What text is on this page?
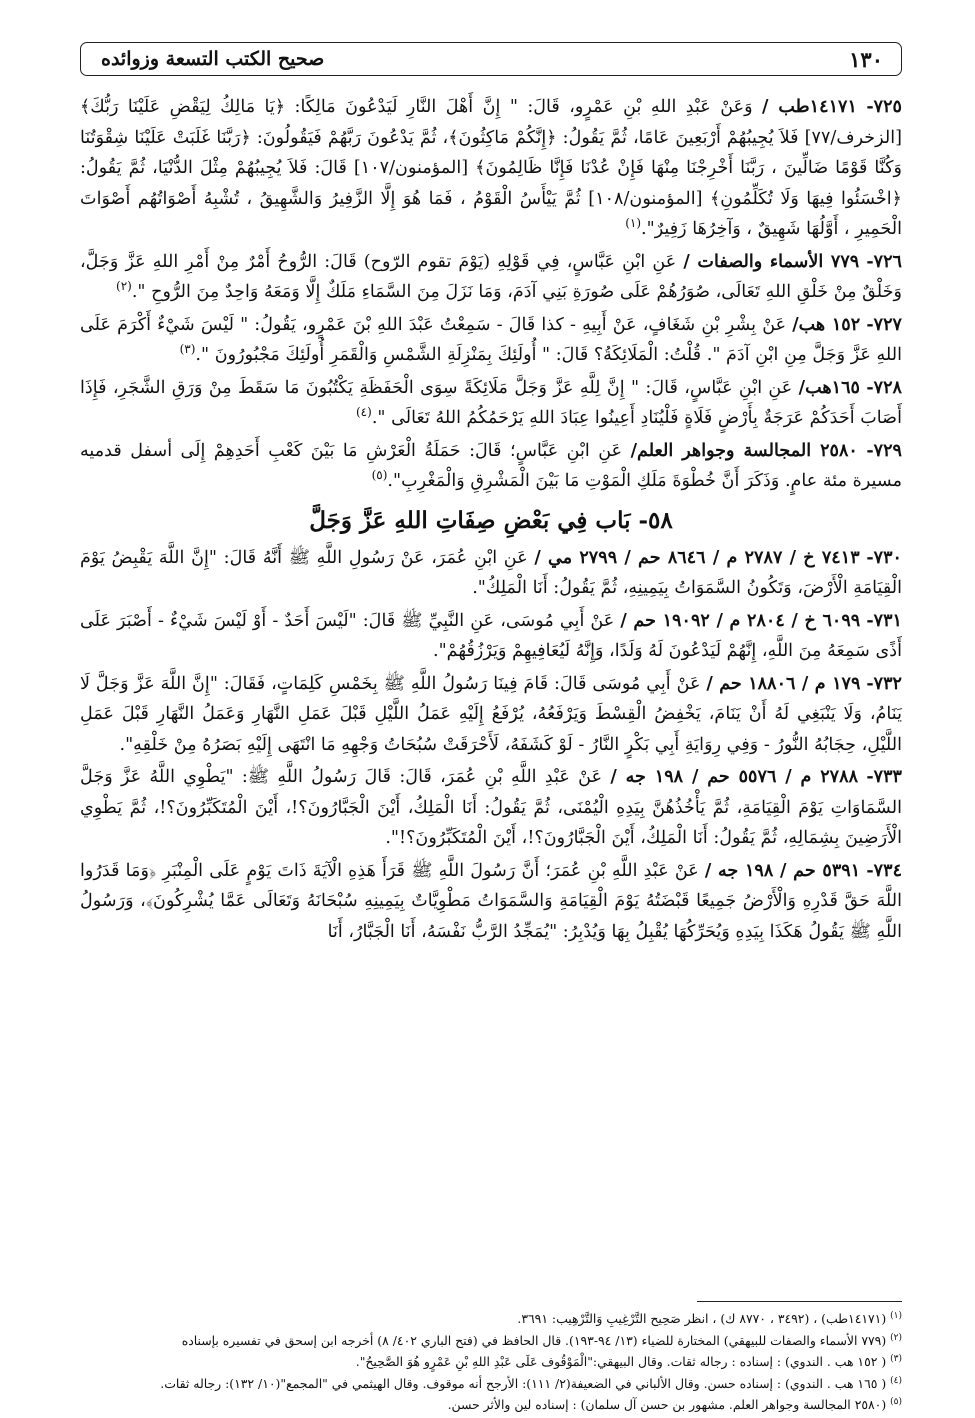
١٣٠
صحيح الكتب التسعة وزوائده

٧٢٥- ١٤١٧١طب / وَعَنْ عَبْدِ اللهِ بْنِ عَمْرٍو، قَالَ: " إِنَّ أَهْلَ النَّارِ لَيَدْعُونَ مَالِكًا: ﴿يَا مَالِكُ لِيَقْضِ عَلَيْنَا رَبُّكَ﴾ [الزخرف/٧٧] فَلاَ يُجِيبُهُمْ أَرْبَعِينَ عَامًا، ثُمَّ يَقُولُ: ﴿إِنَّكُمْ مَاكِثُونَ﴾، ثُمَّ يَدْعُونَ رَبَّهُمْ فَيَقُولُونَ: ﴿رَبَّنَا غَلَبَتْ عَلَيْنَا شِقْوَتُنَا وَكُنَّا قَوْمًا ضَالِّينَ ، رَبَّنَا أَخْرِجْنَا مِنْهَا فَإِنْ عُدْنَا فَإِنَّا ظَالِمُونَ﴾ [المؤمنون/١٠٧] قَالَ: فَلاَ يُجِيبُهُمْ مِثْلَ الدُّنْيَا، ثُمَّ يَقُولُ: ﴿اخْسَئُوا فِيهَا وَلَا تُكَلِّمُونِ﴾ [المؤمنون/١٠٨] ثُمَّ يَيْأَسُ الْقَوْمُ ، فَمَا هُوَ إِلَّا الزَّفِيرُ وَالشَّهِيقُ ، تُشْبِهُ أَصْوَاتُهُم أَصْوَاتَ الْحَمِيرِ ، أَوَّلُهَا شَهِيقٌ ، وَآخِرُهَا زَفِيرٌ".$^{(١)}$

٧٢٦- ٧٧٩ الأسماء والصفات / عَنِ ابْنِ عَبَّاسٍ، فِي قَوْلِهِ (يَوْمَ تقوم الرّوح) قَالَ: الرُّوحُ أَمْرٌ مِنْ أَمْرِ اللهِ عَزَّ وَجَلَّ، وَخَلْقٌ مِنْ خَلْقِ اللهِ تَعَالَى، صُوَرُهُمْ عَلَى صُورَةِ بَنِي آدَمَ، وَمَا نَزَلَ مِنَ السَّمَاءِ مَلَكٌ إِلَّا وَمَعَهُ وَاحِدٌ مِنَ الرُّوحِ ".$^{(٢)}$

٧٢٧- ١٥٢ هب/ عَنْ بِشْرِ بْنِ شَغَافٍ، عَنْ أَبِيهِ - كذا قَالَ - سَمِعْتُ عَبْدَ اللهِ بْنَ عَمْرٍو، يَقُولُ: " لَيْسَ شَيْءٌ أَكْرَمَ عَلَى اللهِ عَزَّ وَجَلَّ مِنِ ابْنِ آدَمَ ". قُلْتُ: الْمَلَائِكَةُ؟ قَالَ: " أُولَئِكَ بِمَنْزِلَةِ الشَّمْسِ وَالْقَمَرِ أُولَئِكَ مَجْبُورُونَ ".$^{(٣)}$

٧٢٨- ١٦٥هب/ عَنِ ابْنِ عَبَّاسٍ، قَالَ: " إِنَّ لِلَّهِ عَزَّ وَجَلَّ مَلَائِكَةً سِوَى الْحَفَظَةِ يَكْتُبُونَ مَا سَقَطَ مِنْ وَرَقِ الشَّجَرِ، فَإِذَا أَصَابَ أَحَدَكُمْ عَرَجَةٌ بِأَرْضٍ فَلَاةٍ فَلْيُنَادِ أَعِينُوا عِبَادَ اللهِ يَرْحَمُكُمُ اللهُ تَعَالَى ".$^{(٤)}$

٧٢٩- ٢٥٨٠ المجالسة وجواهر العلم/ عَنِ ابْنِ عَبَّاسٍ؛ قَالَ: حَمَلَةُ الْعَرْشِ مَا بَيْنَ كَعْبِ أَحَدِهِمْ إِلَى أسفل قدميه مسيرة مئة عامٍ. وَذَكَرَ أَنَّ خُطْوَةَ مَلَكِ الْمَوْتِ مَا بَيْنَ الْمَشْرِقِ وَالْمَغْرِبِ".$^{(٥)}$

٥٨- بَاب فِي بَعْضِ صِفَاتِ اللهِ عَزَّ وَجَلَّ

٧٣٠- ٧٤١٣ خ / ٢٧٨٧ م / ٨٦٤٦ حم / ٢٧٩٩ مي / عَنِ ابْنِ عُمَرَ، عَنْ رَسُولِ اللَّهِ ﷺ أَنَّهُ قَالَ: "إِنَّ اللَّهَ يَقْبِضُ يَوْمَ الْقِيَامَةِ الْأَرْضَ، وَتَكُونُ السَّمَوَاتُ بِيَمِينِهِ، ثُمَّ يَقُولُ: أَنَا الْمَلِكُ".

٧٣١- ٦٠٩٩ خ / ٢٨٠٤ م / ١٩٠٩٢ حم / عَنْ أَبِي مُوسَى، عَنِ النَّبِيِّ ﷺ قَالَ: "لَيْسَ أَحَدٌ - أَوْ لَيْسَ شَيْءٌ - أَصْبَرَ عَلَى أَذًى سَمِعَهُ مِنَ اللَّهِ، إِنَّهُمْ لَيَدْعُونَ لَهُ وَلَدًا، وَإِنَّهُ لَيُعَافِيهِمْ وَيَرْزُقُهُمْ".

٧٣٢- ١٧٩ م / ١٨٨٠٦ حم / عَنْ أَبِي مُوسَى قَالَ: قَامَ فِينَا رَسُولُ اللَّهِ ﷺ بِخَمْسِ كَلِمَاتٍ، فَقَالَ: "إِنَّ اللَّهَ عَزَّ وَجَلَّ لَا يَنَامُ، وَلَا يَنْبَغِي لَهُ أَنْ يَنَامَ، يَخْفِضُ الْقِسْطَ وَيَرْفَعُهُ، يُرْفَعُ إِلَيْهِ عَمَلُ اللَّيْلِ قَبْلَ عَمَلِ النَّهَارِ وَعَمَلُ النَّهَارِ قَبْلَ عَمَلِ اللَّيْلِ، حِجَابُهُ النُّورُ - وَفِي رِوَايَةِ أَبِي بَكْرٍ النَّارُ - لَوْ كَشَفَهُ، لَأَحْرَقَتْ سُبُحَاتُ وَجْهِهِ مَا انْتَهَى إِلَيْهِ بَصَرُهُ مِنْ خَلْقِهِ".

٧٣٣- ٢٧٨٨ م / ٥٥٧٦ حم / ١٩٨ جه / عَنْ عَبْدِ اللَّهِ بْنِ عُمَرَ، قَالَ: قَالَ رَسُولُ اللَّهِ ﷺ: "يَطْوِي اللَّهُ عَزَّ وَجَلَّ السَّمَاوَاتِ يَوْمَ الْقِيَامَةِ، ثُمَّ يَأْخُذُهُنَّ بِيَدِهِ الْيُمْنَى، ثُمَّ يَقُولُ: أَنَا الْمَلِكُ، أَيْنَ الْجَبَّارُونَ؟!، أَيْنَ الْمُتَكَبِّرُونَ؟!، ثُمَّ يَطْوِي الْأَرَضِينَ بِشِمَالِهِ، ثُمَّ يَقُولُ: أَنَا الْمَلِكُ، أَيْنَ الْجَبَّارُونَ؟!، أَيْنَ الْمُتَكَبِّرُونَ؟!".

٧٣٤- ٥٣٩١ حم / ١٩٨ جه / عَنْ عَبْدِ اللَّهِ بْنِ عُمَرَ؛ أَنَّ رَسُولَ اللَّهِ ﷺ قَرَأَ هَذِهِ الْآيَةَ ذَاتَ يَوْمٍ عَلَى الْمِنْبَرِ ﴿وَمَا قَدَرُوا اللَّهَ حَقَّ قَدْرِهِ وَالْأَرْضُ جَمِيعًا قَبْضَتُهُ يَوْمَ الْقِيَامَةِ وَالسَّمَوَاتُ مَطْوِيَّاتٌ بِيَمِينِهِ سُبْحَانَهُ وَتَعَالَى عَمَّا يُشْرِكُونَ﴾، وَرَسُولُ اللَّهِ ﷺ يَقُولُ هَكَذَا بِيَدِهِ وَيُحَرِّكُهَا يُقْبِلُ بِهَا وَيُدْبِرُ: "يُمَجِّدُ الرَّبُّ نَفْسَهُ، أَنَا الْجَبَّارُ، أَنَا

$^{(١)}$ (١٤١٧١طب) ، (٣٤٩٢ ، ٨٧٧٠ ك) ، انظر صَحِيح التَّرْغِيبِ وَالتَّرْهِيب: ٣٦٩١.
$^{(٢)}$ (٧٧٩ الأسماء والصفات للبيهقي) المختارة للضياء (١٣/ ٩٤-١٩٣). قال الحافظ في (فتح الباري ٤٠٢/ ٨) أخرجه ابن إسحق في تفسيره بإسناده
$^{(٣)}$ ( ١٥٢ هب . الندوي) : إسناده : رجاله ثقات. وقال البيهقي:"الْمَوْقُوف عَلَى عَبْدِ اللهِ بْنِ عَمْرٍو هُوَ الصَّحِيحُ".
$^{(٤)}$ ( ١٦٥ هب . الندوي) : إسناده حسن. وقال الألباني في الضعيفة(٢/ ١١١): الأرجح أنه موقوف. وقال الهيثمي في "المجمع"(١٠/ ١٣٢): رجاله ثقات.
$^{(٥)}$ (٢٥٨٠ المجالسة وجواهر العلم. مشهور بن حسن آل سلمان) : إسناده لين والأثر حسن.
